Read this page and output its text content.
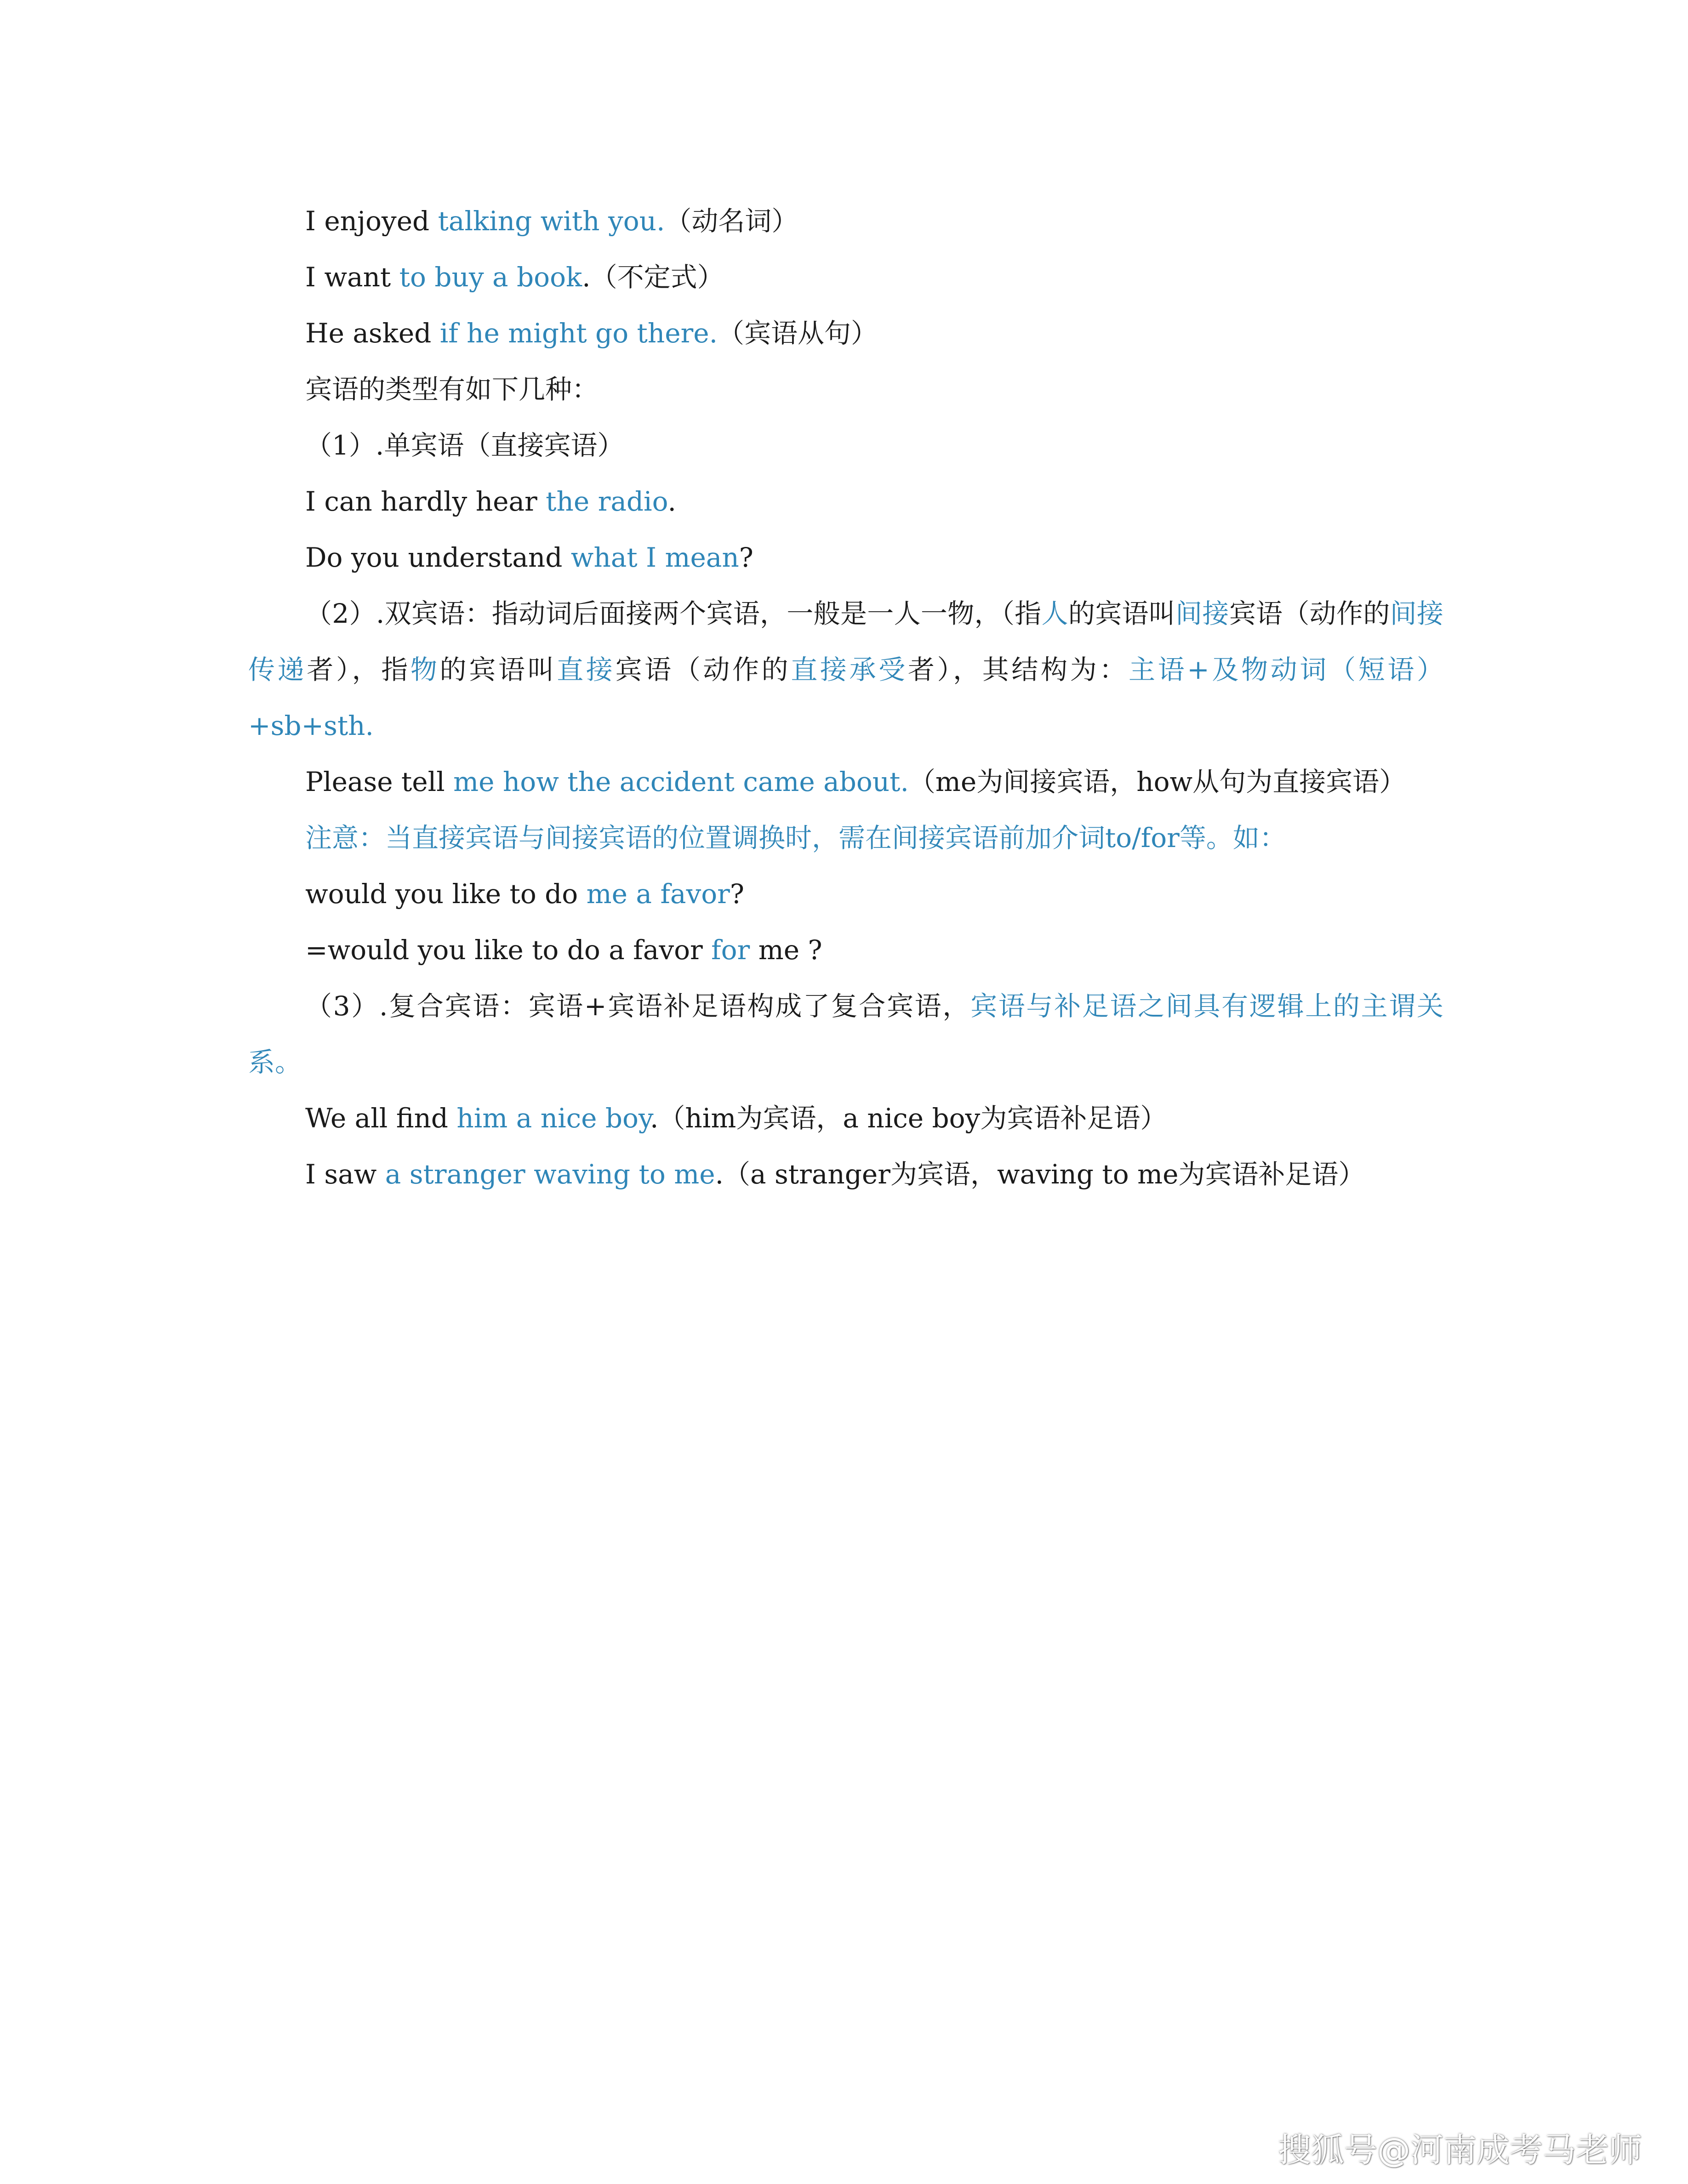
I enjoyed talking with you.（动名词）
I want to buy a book.（不定式）
He asked if he might go there.（宾语从句）
宾语的类型有如下几种：
（1）.单宾语（直接宾语）
I can hardly hear the radio.
Do you understand what I mean?
（2）.双宾语：指动词后面接两个宾语，一般是一人一物，（指人的宾语叫间接宾语（动作的间接传递者），指物的宾语叫直接宾语（动作的直接承受者），其结构为：主语+及物动词（短语）+sb+sth.
Please tell me how the accident came about.（me为间接宾语，how从句为直接宾语）
注意：当直接宾语与间接宾语的位置调换时，需在间接宾语前加介词to/for等。如：
would you like to do me a favor?
=would you like to do a favor for me ?
（3）.复合宾语：宾语+宾语补足语构成了复合宾语，宾语与补足语之间具有逻辑上的主谓关系。
We all find him a nice boy.（him为宾语，a nice boy为宾语补足语）
I saw a stranger waving to me.（a stranger为宾语，waving to me为宾语补足语）
搜狐号@河南成考马老师
